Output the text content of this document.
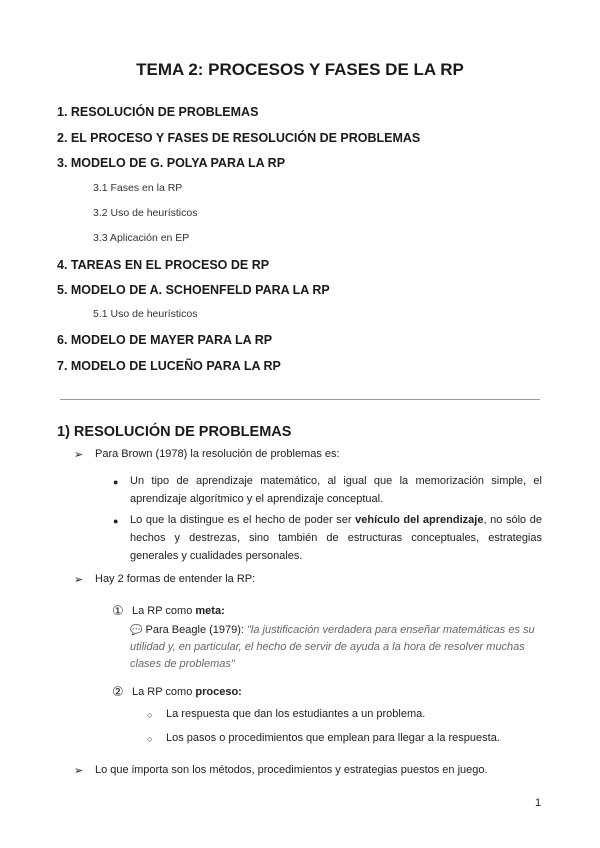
TEMA 2: PROCESOS Y FASES DE LA RP
1. RESOLUCIÓN DE PROBLEMAS
2. EL PROCESO Y FASES DE RESOLUCIÓN DE PROBLEMAS
3. MODELO DE G. POLYA PARA LA RP
3.1 Fases en la RP
3.2 Uso de heurísticos
3.3 Aplicación en EP
4. TAREAS EN EL PROCESO DE RP
5. MODELO DE A. SCHOENFELD PARA LA RP
5.1 Uso de heurísticos
6. MODELO DE MAYER PARA LA RP
7. MODELO DE LUCEÑO PARA LA RP
1) RESOLUCIÓN DE PROBLEMAS
➢ Para Brown (1978) la resolución de problemas es:
● Un tipo de aprendizaje matemático, al igual que la memorización simple, el aprendizaje algorítmico y el aprendizaje conceptual.
● Lo que la distingue es el hecho de poder ser vehículo del aprendizaje, no sólo de hechos y destrezas, sino también de estructuras conceptuales, estrategias generales y cualidades personales.
➢ Hay 2 formas de entender la RP:
① La RP como meta:
💬 Para Beagle (1979): "la justificación verdadera para enseñar matemáticas es su utilidad y, en particular, el hecho de servir de ayuda a la hora de resolver muchas clases de problemas"
② La RP como proceso:
○ La respuesta que dan los estudiantes a un problema.
○ Los pasos o procedimientos que emplean para llegar a la respuesta.
➢ Lo que importa son los métodos, procedimientos y estrategias puestos en juego.
1
